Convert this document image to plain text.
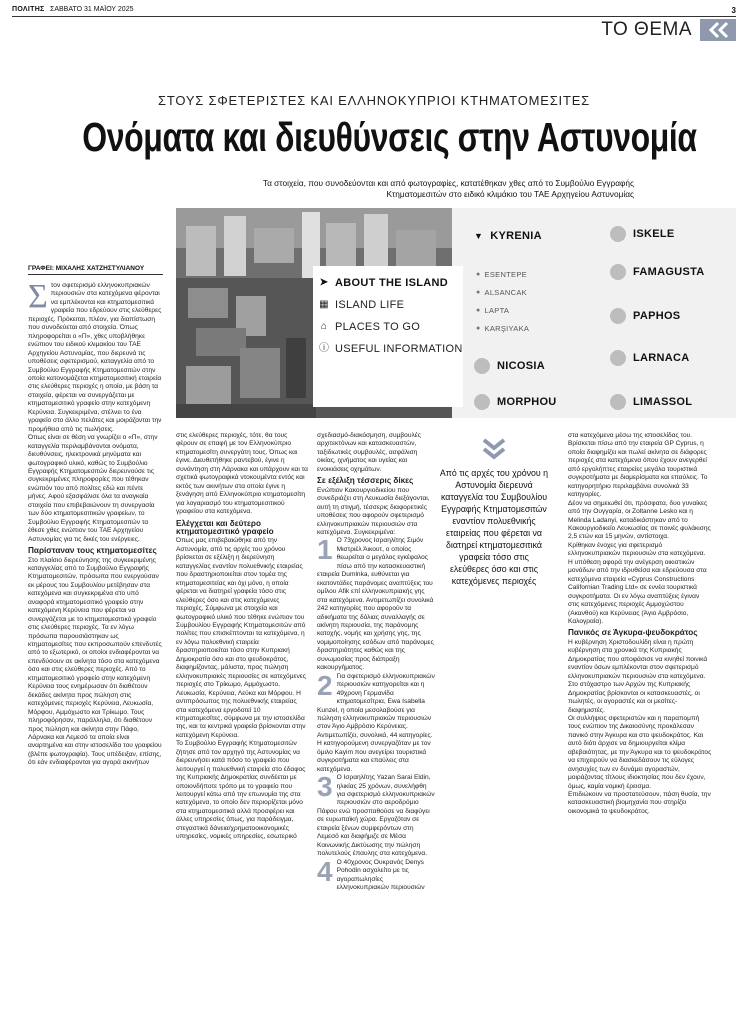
ΠΟΛΙΤΗΣ ΣΑΒΒΑΤΟ 31 ΜΑΪΟΥ 2025	3
ΤΟ ΘΕΜΑ
ΣΤΟΥΣ ΣΦΕΤΕΡΙΣΤΕΣ ΚΑΙ ΕΛΛΗΝΟΚΥΠΡΙΟΙ ΚΤΗΜΑΤΟΜΕΣΙΤΕΣ
Ονόματα και διευθύνσεις στην Αστυνομία
Τα στοιχεία, που συνοδεύονται και από φωτογραφίες, κατατέθηκαν χθες από το Συμβούλιο Εγγραφής Κτηματομεσιτών στο ειδικό κλιμάκιο του ΤΑΕ Αρχηγείου Αστυνομίας
➤ ABOUT THE ISLAND
▦ ISLAND LIFE
⌂ PLACES TO GO
ⓘ USEFUL INFORMATION
▼ KYRENIA
● ESENTEPE
● ALSANCAK
● LAPTA
● KARŞIYAKA
NICOSIA
MORPHOU
ISKELE
FAMAGUSTA
PAPHOS
LARNACA
LIMASSOL
ΓΡΑΦΕΙ: ΜΙΧΑΛΗΣ ΧΑΤΖΗΣΤΥΛΙΑΝΟΥ
Σ τον σφετερισμό ελληνοκυπριακών περιουσιών στα κατεχόμενα φέρονται να εμπλέκονται και κτηματομεσιτικά γραφεία που εδρεύουν στις ελεύθερες περιοχές. Πρόκειται, πλέον, για διαπίστωση που συνοδεύεται από στοιχεία. Όπως πληροφορείται ο «Π», χθες υποβλήθηκε ενώπιον του ειδικού κλιμακίου του ΤΑΕ Αρχηγείου Αστυνομίας, που διερευνά τις υποθέσεις σφετερισμού, καταγγελία από το Συμβούλιο Εγγραφής Κτηματομεσιτών στην οποία κατονομάζεται κτηματομεσιτική εταιρεία στις ελεύθερες περιοχές η οποία, με βάση τα στοιχεία, φέρεται να συνεργάζεται με κτηματομεσιτικό γραφείο στην κατεχόμενη Κερύνεια. Συγκεκριμένα, στέλνει το ένα γραφείο στο άλλο πελάτες και μοιράζονται την προμήθεια από τις πωλήσεις.

Όπως είναι σε θέση να γνωρίζει ο «Π», στην καταγγελία περιλαμβάνονται ονόματα, διευθύνσεις, ηλεκτρονικά μηνύματα και φωτογραφικό υλικό, καθώς το Συμβούλιο Εγγραφής Κτηματομεσιτών διερευνούσε τις συγκεκριμένες πληροφορίες που τέθηκαν ενώπιόν του από πολίτες εδώ και πέντε μήνες. Αφού εξασφάλισε όλα τα αναγκαία στοιχεία που επιβεβαιώνουν τη συνεργασία των δύο κτηματομεσιτικών γραφείων, το Συμβούλιο Εγγραφής Κτηματομεσιτών τα έθεσε χθες ενώπιον του ΤΑΕ Αρχηγείου Αστυνομίας για τις δικές του ενέργειες.

Παρίσταναν τους κτηματομεσίτες

Στο πλαίσιο διερεύνησης της συγκεκριμένης καταγγελίας από το Συμβούλιο Εγγραφής Κτηματομεσιτών, πρόσωπα που ενεργούσαν εκ μέρους του Συμβουλίου μετέβησαν στα κατεχόμενα και συγκεκριμένα στο υπό αναφορά κτηματομεσιτικό γραφείο στην κατεχόμενη Κερύνεια που φέρεται να συνεργάζεται με το κτηματομεσιτικό γραφείο στις ελεύθερες περιοχές. Τα εν λόγω πρόσωπα παρουσιάστηκαν ως κτηματομεσίτες που εκπροσωπούν επενδυτές από το εξωτερικό, οι οποίοι ενδιαφέρονται να επενδύσουν σε ακίνητα τόσο στα κατεχόμενα όσο και στις ελεύθερες περιοχές. Από το κτηματομεσιτικό γραφείο στην κατεχόμενη Κερύνεια τους ενημέρωσαν ότι διαθέτουν δεκάδες ακίνητα προς πώληση στις κατεχόμενες περιοχές Κερύνεια, Λευκωσία, Μόρφου, Αμμόχωστο και Τρίκωμο. Τους πληροφόρησαν, παράλληλα, ότι διαθέτουν προς πώληση και ακίνητα στην Πάφο, Λάρνακα και Λεμεσό τα οποία είναι αναρτημένα και στην ιστοσελίδα του γραφείου (βλέπε φωτογραφία). Τους υπέδειξαν, επίσης, ότι εάν ενδιαφέρονται για αγορά ακινήτων

στις ελεύθερες περιοχές, τότε, θα τους φέρουν σε επαφή με τον Ελληνοκύπριο κτηματομεσίτη συνεργάτη τους. Όπως και έγινε. Διευθετήθηκε ραντεβού, έγινε η συνάντηση στη Λάρνακα και υπάρχουν και τα σχετικά φωτογραφικά ντοκουμέντα εντός και εκτός των ακινήτων στα οποία έγινε η ξενάγηση από Ελληνοκύπριο κτηματομεσίτη για λογαριασμό του κτηματομεσιτικού γραφείου στα κατεχόμενα.

Ελέγχεται και δεύτερο κτηματομεσιτικό γραφείο

Όπως μας επιβεβαιώθηκε από την Αστυνομία, από τις αρχές του χρόνου βρίσκεται σε εξέλιξη η διερεύνηση καταγγελίας εναντίον πολυεθνικής εταιρείας που δραστηριοποιείται στον τομέα της κτηματομεσιτείας και όχι μόνο, η οποία φέρεται να διατηρεί γραφεία τόσο στις ελεύθερες όσο και στις κατεχόμενες περιοχές. Σύμφωνα με στοιχεία και φωτογραφικό υλικό που τέθηκε ενώπιον του Συμβουλίου Εγγραφής Κτηματομεσιτών από πολίτες που επισκέπτονται τα κατεχόμενα, η εν λόγω πολυεθνική εταιρεία δραστηριοποιείται τόσο στην Κυπριακή Δημοκρατία όσο και στο ψευδοκράτος, διαφημίζοντας, μάλιστα, προς πώληση ελληνοκυπριακές περιουσίες σε κατεχόμενες περιοχές στο Τρίκωμο, Αμμόχωστο, Λευκωσία, Κερύνεια, Λεύκα και Μόρφου. Η αντιπρόσωπος της πολυεθνικής εταιρείας στα κατεχόμενα εργοδοτεί 10 κτηματομεσίτες, σύμφωνα με την ιστοσελίδα της, και τα κεντρικά γραφεία βρίσκονται στην κατεχόμενη Κερύνεια.

Το Συμβούλιο Εγγραφής Κτηματομεσιτών ζήτησε από τον αρχηγό της Αστυνομίας να διερευνήσει κατά πόσο το γραφείο που λειτουργεί η πολυεθνική εταιρεία στο έδαφος της Κυπριακής Δημοκρατίας συνδέεται με οποιονδήποτε τρόπο με το γραφείο που λειτουργεί κάτω από την επωνυμία της στα κατεχόμενα, το οποίο δεν περιορίζεται μόνο στα κτηματομεσιτικά αλλά προσφέρει και άλλες υπηρεσίες όπως, για παράδειγμα, στεγαστικά δάνεια/χρηματοοικονομικές υπηρεσίες, νομικές υπηρεσίες, εσωτερικό

σχεδιασμό-διακόσμηση, συμβουλές αρχιτεκτόνων και κατασκευαστών, ταξιδιωτικές συμβουλές, ασφάλιση οικίας, ιχνήματος και υγείας και ενοικιάσεις οχημάτων.

Σε εξέλιξη τέσσερις δίκες

Ενώπιον Κακουργιοδικείου που συνεδριάζει στη Λευκωσία διεξάγονται, αυτή τη στιγμή, τέσσερις διαφορετικές υποθέσεις που αφορούν σφετερισμό ελληνοκυπριακών περιουσιών στα κατεχόμενα. Συγκεκριμένα:

1 Ο 73χρονος Ισραηλίτης Σιμόν Μιστριέλ Άικουτ, ο οποίος θεωρείται ο μεγάλος εγκέφαλος πίσω από την κατασκευαστική εταιρεία Dumlnka, ευθύνεται για εκατοντάδες παράνομες αναπτύξεις του ομίλου Afik επί ελληνοκυπριακής γης στα κατεχόμενα. Αντιμετωπίζει συνολικά 242 κατηγορίες που αφορούν τα αδικήματα της δόλιας συναλλαγής σε ακίνητη περιουσία, της παράνομης κατοχής, νομής και χρήσης γης, της νομιμοποίησης εσόδων από παράνομες δραστηριότητες καθώς και της συνωμοσίας προς διάπραξη κακουργήματος.

2 Για σφετερισμό ελληνοκυπριακών περιουσιών κατηγορείται και η 49χρονη Γερμανίδα κτηματομεσίτρια, Ewa Isabella Kunzel, η οποία μεσολαβούσε για πώληση ελληνοκυπριακών περιουσιών στον Άγιο Αμβρόσιο Κερύνειας. Αντιμετωπίζει, συνολικά, 44 κατηγορίες. Η κατηγορούμενη συνεργαζόταν με τον όμιλο Kayim που ανεγείρει τουριστικά συγκροτήματα και επαύλεις στα κατεχόμενα.

3 Ο Ισραηλίτης Yazan Sarai Eldin, ηλικίας 25 χρόνων, συνελήφθη για σφετερισμό ελληνοκυπριακών περιουσιών στο αεροδρόμιο Πάφου ενώ προσπαθούσε να διαφύγει σε ευρωπαϊκή χώρα. Εργαζόταν σε εταιρεία ξένων συμφερόντων στη Λεμεσό και διαφήμιζε σε Μέσα Κοινωνικής Δικτύωσης την πώληση πολυτελούς έπαυλης στα κατεχόμενα.

4 Ο 40χρονος Ουκρανός Denys Pohodin ασχολείτο με τις αγοραπωλησίες ελληνοκυπριακών περιουσιών

Από τις αρχές του χρόνου η Αστυνομία διερευνά καταγγελία του Συμβουλίου Εγγραφής Κτηματομεσιτών εναντίον πολυεθνικής εταιρείας που φέρεται να διατηρεί κτηματομεσιτικά γραφεία τόσο στις ελεύθερες όσο και στις κατεχόμενες περιοχές

στα κατεχόμενα μέσω της ιστοσελίδας του. Βρίσκεται πίσω από την εταιρεία GP Cyprus, η οποία διαφημίζει και πωλεί ακίνητα σε διάφορες περιοχές στα κατεχόμενα όπου έχουν ανεγερθεί από εργολήπτες εταιρείες μεγάλα τουριστικά συγκροτήματα με διαμερίσματα και επαύλεις. Το κατηγορητήριο περιλαμβάνει συνολικά 33 κατηγορίες.

Δέον να σημειωθεί ότι, πρόσφατα, δυο γυναίκες από την Ουγγαρία, οι Zoltanne Lesko και η Melinda Ladanyi, καταδικάστηκαν από το Κακουργιοδικείο Λευκωσίας σε ποινές φυλάκισης 2,5 ετών και 15 μηνών, αντίστοιχα.

Κρίθηκαν ένοχες για σφετερισμό ελληνοκυπριακών περιουσιών στα κατεχόμενα.

Η υπόθεση αφορά την ανέγερση οικιστικών μονάδων από την ιδρυθείσα και εδρεύουσα στα κατεχόμενα εταιρεία «Cyprus Constructions Californian Trading Ltd» σε εννέα τουριστικά συγκροτήματα. Οι εν λόγω αναπτύξεις έγιναν στις κατεχόμενες περιοχές Αμμοχώστου (Ακανθού) και Κερύνειας (Άγιο Αμβρόσιο, Καλογραία).

Πανικός σε Άγκυρα-ψευδοκράτος

Η κυβέρνηση Χριστοδουλίδη είναι η πρώτη κυβέρνηση στα χρονικά της Κυπριακής Δημοκρατίας που αποφάσισε να κινηθεί ποινικά εναντίον όσων εμπλέκονται στον σφετερισμό ελληνοκυπριακών περιουσιών στα κατεχόμενα. Στο στόχαστρο των Αρχών της Κυπριακής Δημοκρατίας βρίσκονται οι κατασκευαστές, οι πωλητές, οι αγοραστές και οι μεσίτες-διαφημιστές.

Οι συλλήψεις σφετεριστών και η παραπομπή τους ενώπιον της Δικαιοσύνης προκάλεσαν πανικό στην Άγκυρα και στο ψευδοκράτος. Και αυτό διότι άρχισε να δημιουργείται κλίμα αβεβαιότητας, με την Άγκυρα και το ψευδοκράτος να επιχειρούν να διασκεδάσουν τις εύλογες ανησυχίες των εν δυνάμει αγοραστών, μοιράζοντας τίτλους ιδιοκτησίας που δεν έχουν, όμως, καμία νομική έρεισμα.

Επιδιώκουν να προστατεύσουν, πάση θυσία, την κατασκευαστική βιομηχανία που στηρίζει οικονομικά το ψευδοκράτος.
